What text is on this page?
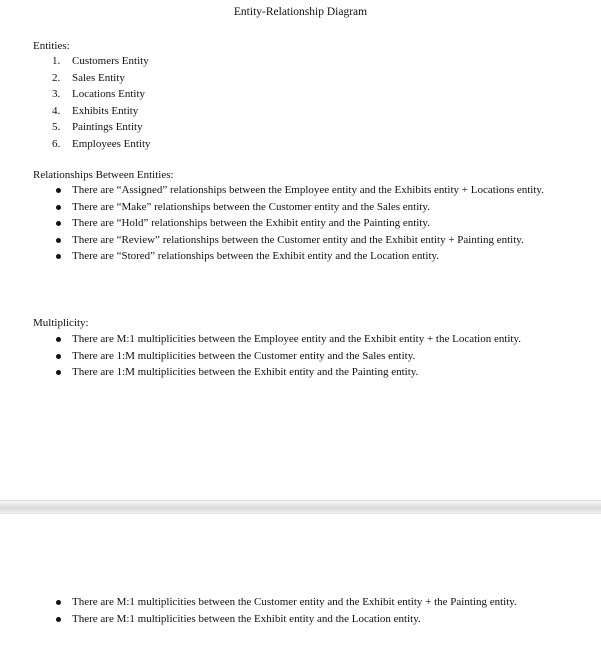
Entity-Relationship Diagram
Entities:
1. Customers Entity
2. Sales Entity
3. Locations Entity
4. Exhibits Entity
5. Paintings Entity
6. Employees Entity
Relationships Between Entities:
There are “Assigned” relationships between the Employee entity and the Exhibits entity + Locations entity.
There are “Make” relationships between the Customer entity and the Sales entity.
There are “Hold” relationships between the Exhibit entity and the Painting entity.
There are “Review” relationships between the Customer entity and the Exhibit entity + Painting entity.
There are “Stored” relationships between the Exhibit entity and the Location entity.
Multiplicity:
There are M:1 multiplicities between the Employee entity and the Exhibit entity + the Location entity.
There are 1:M multiplicities between the Customer entity and the Sales entity.
There are 1:M multiplicities between the Exhibit entity and the Painting entity.
There are M:1 multiplicities between the Customer entity and the Exhibit entity + the Painting entity.
There are M:1 multiplicities between the Exhibit entity and the Location entity.
